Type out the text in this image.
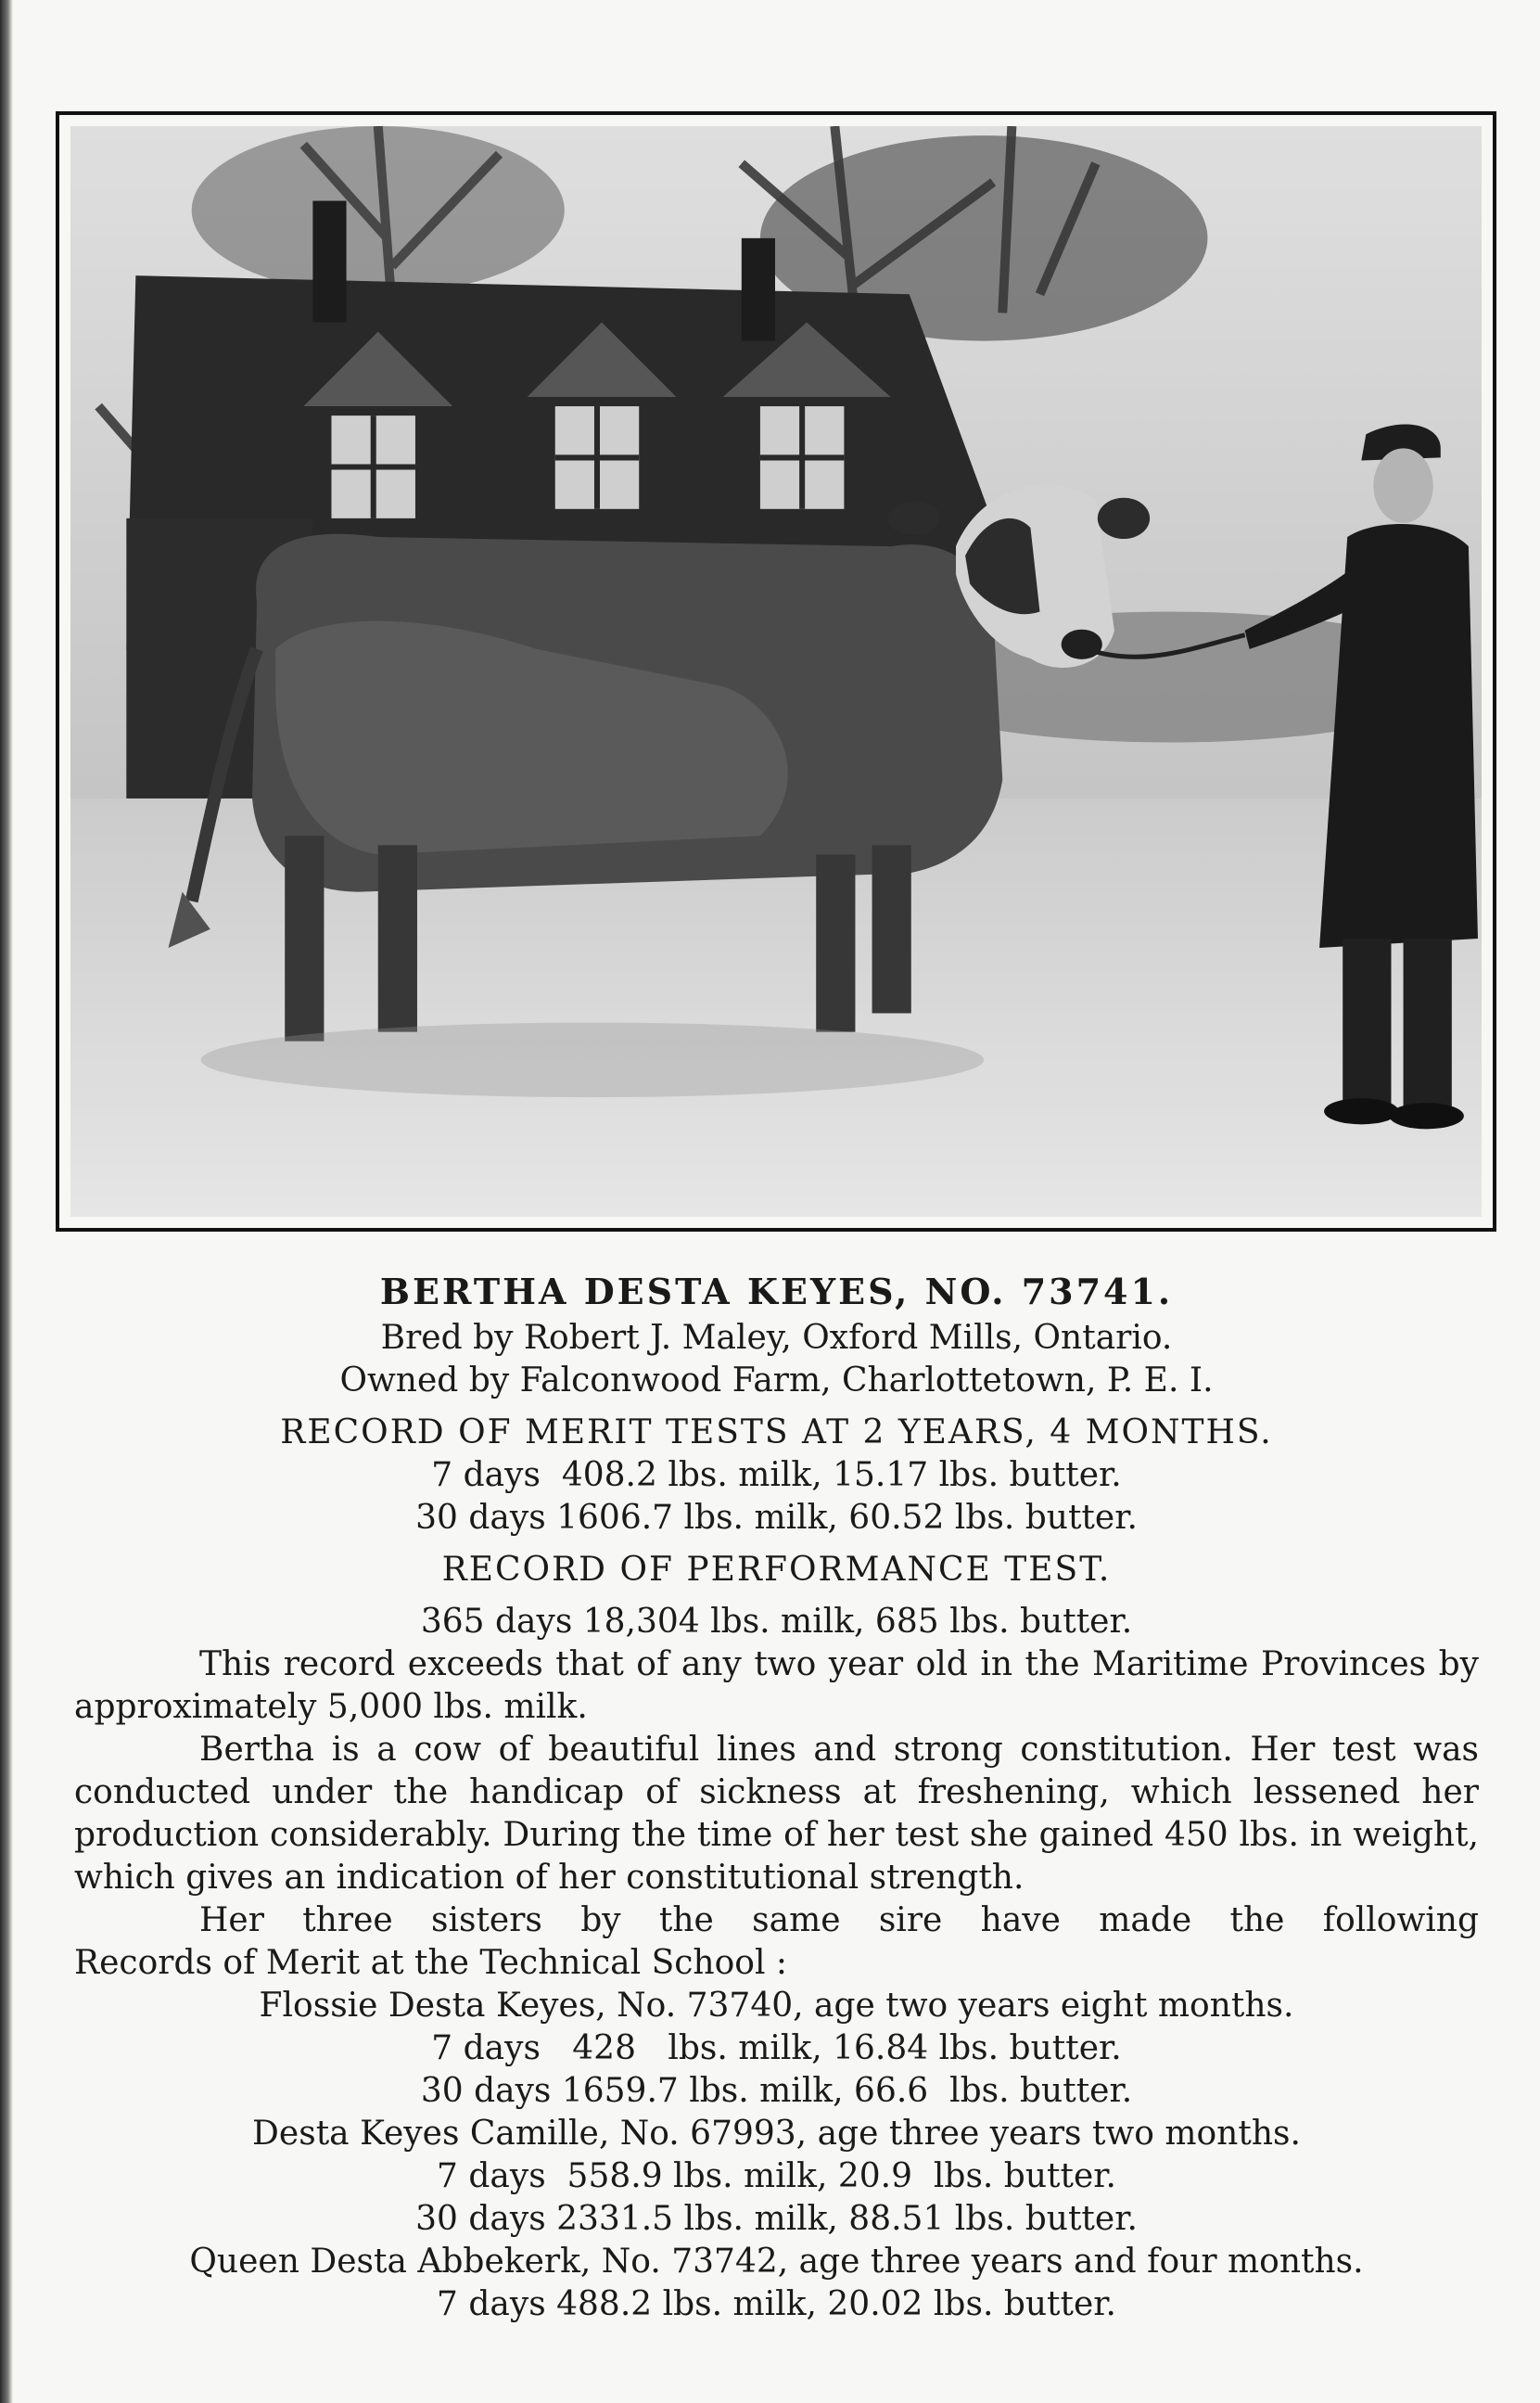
BERTHA DESTA KEYES, NO. 73741.

Bred by Robert J. Maley, Oxford Mills, Ontario.

Owned by Falconwood Farm, Charlottetown, P. E. I.

RECORD OF MERIT TESTS AT 2 YEARS, 4 MONTHS.

7 days  408.2 lbs. milk, 15.17 lbs. butter.

30 days 1606.7 lbs. milk, 60.52 lbs. butter.

RECORD OF PERFORMANCE TEST.

365 days 18,304 lbs. milk, 685 lbs. butter.

This record exceeds that of any two year old in the Maritime Provinces by approximately 5,000 lbs. milk.

Bertha is a cow of beautiful lines and strong constitution. Her test was conducted under the handicap of sickness at freshening, which lessened her production considerably. During the time of her test she gained 450 lbs. in weight, which gives an indication of her constitutional strength.

Her three sisters by the same sire have made the following

Records of Merit at the Technical School :

Flossie Desta Keyes, No. 73740, age two years eight months.

7 days   428   lbs. milk, 16.84 lbs. butter.

30 days 1659.7 lbs. milk, 66.6  lbs. butter.

Desta Keyes Camille, No. 67993, age three years two months.

7 days  558.9 lbs. milk, 20.9  lbs. butter.

30 days 2331.5 lbs. milk, 88.51 lbs. butter.

Queen Desta Abbekerk, No. 73742, age three years and four months.

7 days 488.2 lbs. milk, 20.02 lbs. butter.
